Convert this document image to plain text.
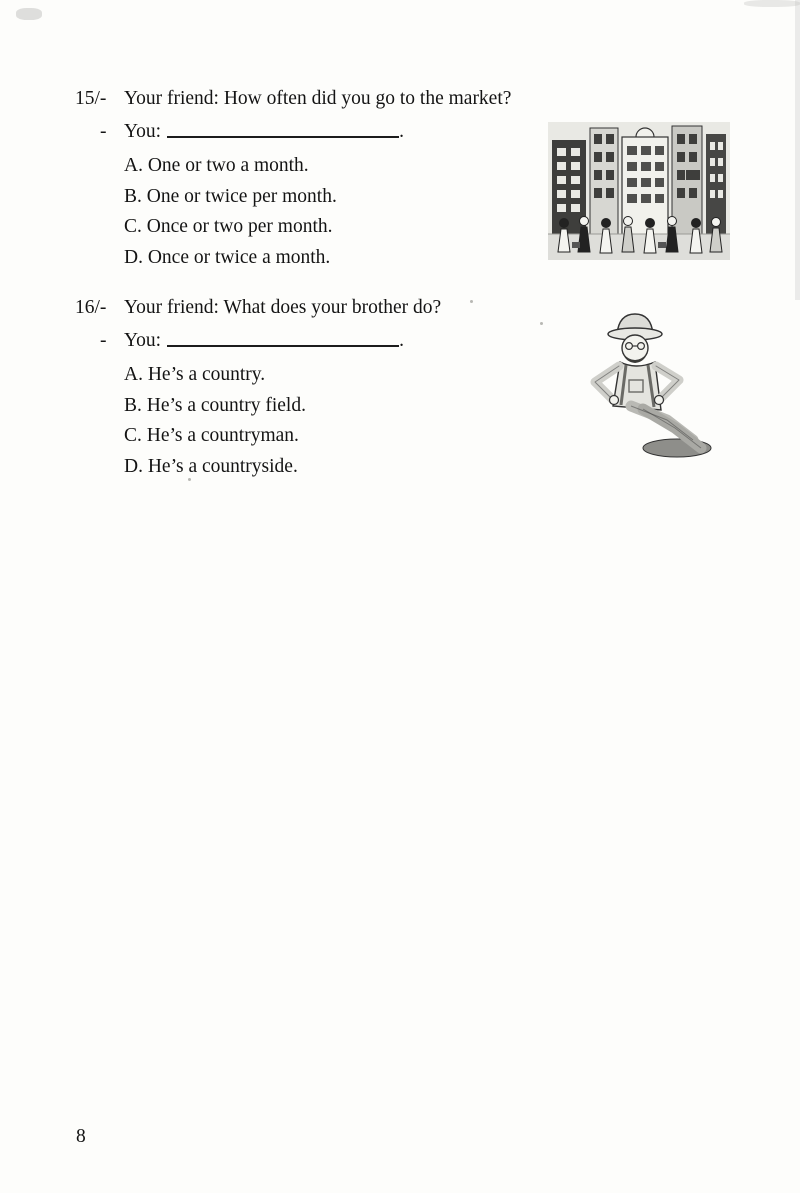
15/- Your friend: How often did you go to the market?
- You:	.
A. One or two a month.
B. One or twice per month.
C. Once or two per month.
D. Once or twice a month.
16/- Your friend: What does your brother do?
- You:	.
A. He’s a country.
B. He’s a country field.
C. He’s a countryman.
D. He’s a countryside.
8
